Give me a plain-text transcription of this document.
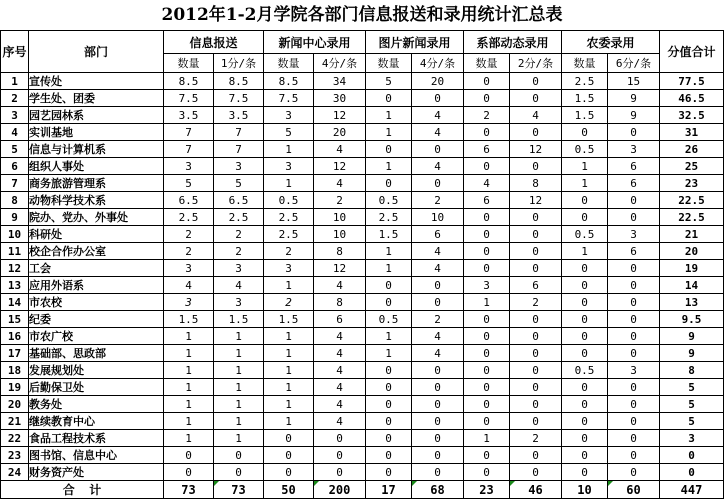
2012年1-2月学院各部门信息报送和录用统计汇总表
序号	部门	信息报送		新闻中心录用		图片新闻录用		系部动态录用		农委录用		分值合计
		数量	1分/条	数量	4分/条	数量	4分/条	数量	2分/条	数量	6分/条	
1	宣传处	8.5	8.5	8.5	34	5	20	0	0	2.5	15	77.5
2	学生处、团委	7.5	7.5	7.5	30	0	0	0	0	1.5	9	46.5
3	园艺园林系	3.5	3.5	3	12	1	4	2	4	1.5	9	32.5
4	实训基地	7	7	5	20	1	4	0	0	0	0	31
5	信息与计算机系	7	7	1	4	0	0	6	12	0.5	3	26
6	组织人事处	3	3	3	12	1	4	0	0	1	6	25
7	商务旅游管理系	5	5	1	4	0	0	4	8	1	6	23
8	动物科学技术系	6.5	6.5	0.5	2	0.5	2	6	12	0	0	22.5
9	院办、党办、外事处	2.5	2.5	2.5	10	2.5	10	0	0	0	0	22.5
10	科研处	2	2	2.5	10	1.5	6	0	0	0.5	3	21
11	校企合作办公室	2	2	2	8	1	4	0	0	1	6	20
12	工会	3	3	3	12	1	4	0	0	0	0	19
13	应用外语系	4	4	1	4	0	0	3	6	0	0	14
14	市农校	3	3	2	8	0	0	1	2	0	0	13
15	纪委	1.5	1.5	1.5	6	0.5	2	0	0	0	0	9.5
16	市农广校	1	1	1	4	1	4	0	0	0	0	9
17	基础部、思政部	1	1	1	4	1	4	0	0	0	0	9
18	发展规划处	1	1	1	4	0	0	0	0	0.5	3	8
19	后勤保卫处	1	1	1	4	0	0	0	0	0	0	5
20	教务处	1	1	1	4	0	0	0	0	0	0	5
21	继续教育中心	1	1	1	4	0	0	0	0	0	0	5
22	食品工程技术系	1	1	0	0	0	0	1	2	0	0	3
23	图书馆、信息中心	0	0	0	0	0	0	0	0	0	0	0
24	财务资产处	0	0	0	0	0	0	0	0	0	0	0
合  计		73	73	50	200	17	68	23	46	10	60	447
